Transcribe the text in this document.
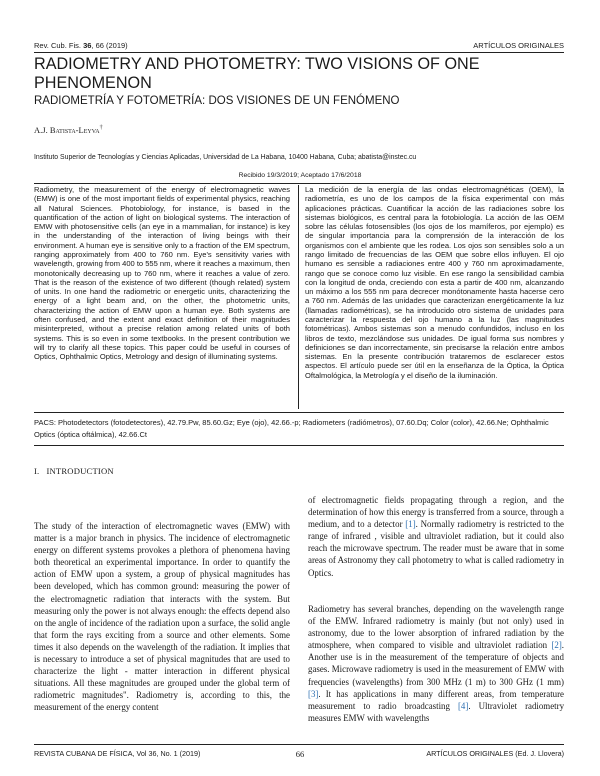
Rev. Cub. Fis. 36, 66 (2019)	ARTÍCULOS ORIGINALES
RADIOMETRY AND PHOTOMETRY: TWO VISIONS OF ONE PHENOMENON
RADIOMETRÍA Y FOTOMETRÍA: DOS VISIONES DE UN FENÓMENO
A.J. Batista-Leyva†
Instituto Superior de Tecnologías y Ciencias Aplicadas, Universidad de La Habana, 10400 Habana, Cuba; abatista@instec.cu
Recibido 19/3/2019; Aceptado 17/6/2018

Radiometry, the measurement of the energy of electromagnetic waves (EMW) is one of the most important fields of experimental physics, reaching all Natural Sciences. Photobiology, for instance, is based in the quantification of the action of light on biological systems. The interaction of EMW with photosensitive cells (an eye in a mammalian, for instance) is key in the understanding of the interaction of living beings with their environment. A human eye is sensitive only to a fraction of the EM spectrum, ranging approximately from 400 to 760 nm. Eye's sensitivity varies with wavelength, growing from 400 to 555 nm, where it reaches a maximum, then monotonically decreasing up to 760 nm, where it reaches a value of zero. That is the reason of the existence of two different (though related) system of units. In one hand the radiometric or energetic units, characterizing the energy of a light beam and, on the other, the photometric units, characterizing the action of EMW upon a human eye. Both systems are often confused, and the extent and exact definition of their magnitudes misinterpreted, without a precise relation among related units of both systems. This is so even in some textbooks. In the present contribution we will try to clarify all these topics. This paper could be useful in courses of Optics, Ophthalmic Optics, Metrology and design of illuminating systems.

La medición de la energía de las ondas electromagnéticas (OEM), la radiometría, es uno de los campos de la física experimental con más aplicaciones prácticas. Cuantificar la acción de las radiaciones sobre los sistemas biológicos, es central para la fotobiología. La acción de las OEM sobre las células fotosensibles (los ojos de los mamíferos, por ejemplo) es de singular importancia para la comprensión de la interacción de los organismos con el ambiente que les rodea. Los ojos son sensibles solo a un rango limitado de frecuencias de las OEM que sobre ellos influyen. El ojo humano es sensible a radiaciones entre 400 y 760 nm aproximadamente, rango que se conoce como luz visible. En ese rango la sensibilidad cambia con la longitud de onda, creciendo con esta a partir de 400 nm, alcanzando un máximo a los 555 nm para decrecer monótonamente hasta hacerse cero a 760 nm. Además de las unidades que caracterizan energéticamente la luz (llamadas radiométricas), se ha introducido otro sistema de unidades para caracterizar la respuesta del ojo humano a la luz (las magnitudes fotométricas). Ambos sistemas son a menudo confundidos, incluso en los libros de texto, mezclándose sus unidades. De igual forma sus nombres y definiciones se dan incorrectamente, sin precisarse la relación entre ambos sistemas. En la presente contribución trataremos de esclarecer estos aspectos. El artículo puede ser útil en la enseñanza de la Óptica, la Óptica Oftalmológica, la Metrología y el diseño de la iluminación.

PACS: Photodetectors (fotodetectores), 42.79.Pw, 85.60.Gz; Eye (ojo), 42.66.-p; Radiometers (radiómetros), 07.60.Dq; Color (color), 42.66.Ne; Ophthalmic Optics (óptica oftálmica), 42.66.Ct

I.   INTRODUCTION

The study of the interaction of electromagnetic waves (EMW) with matter is a major branch in physics. The incidence of electromagnetic energy on different systems provokes a plethora of phenomena having both theoretical an experimental importance. In order to quantify the action of EMW upon a system, a group of physical magnitudes has been developed, which has common ground: measuring the power of the electromagnetic radiation that interacts with the system. But measuring only the power is not always enough: the effects depend also on the angle of incidence of the radiation upon a surface, the solid angle that form the rays exciting from a source and other elements. Some times it also depends on the wavelength of the radiation. It implies that is necessary to introduce a set of physical magnitudes that are used to characterize the light - matter interaction in different physical situations. All these magnitudes are grouped under the global term of radiometric magnitudes". Radiometry is, according to this, the measurement of the energy content

of electromagnetic fields propagating through a region, and the determination of how this energy is transferred from a source, through a medium, and to a detector [1]. Normally radiometry is restricted to the range of infrared , visible and ultraviolet radiation, but it could also reach the microwave spectrum. The reader must be aware that in some areas of Astronomy they call photometry to what is called radiometry in Optics.

Radiometry has several branches, depending on the wavelength range of the EMW. Infrared radiometry is mainly (but not only) used in astronomy, due to the lower absorption of infrared radiation by the atmosphere, when compared to visible and ultraviolet radiation [2]. Another use is in the measurement of the temperature of objects and gases. Microwave radiometry is used in the measurement of EMW with frequencies (wavelengths) from 300 MHz (1 m) to 300 GHz (1 mm) [3]. It has applications in many different areas, from temperature measurement to radio broadcasting [4]. Ultraviolet radiometry measures EMW with wavelengths

REVISTA CUBANA DE FÍSICA, Vol 36, No. 1 (2019)	66	ARTÍCULOS ORIGINALES (Ed. J. Llovera)
